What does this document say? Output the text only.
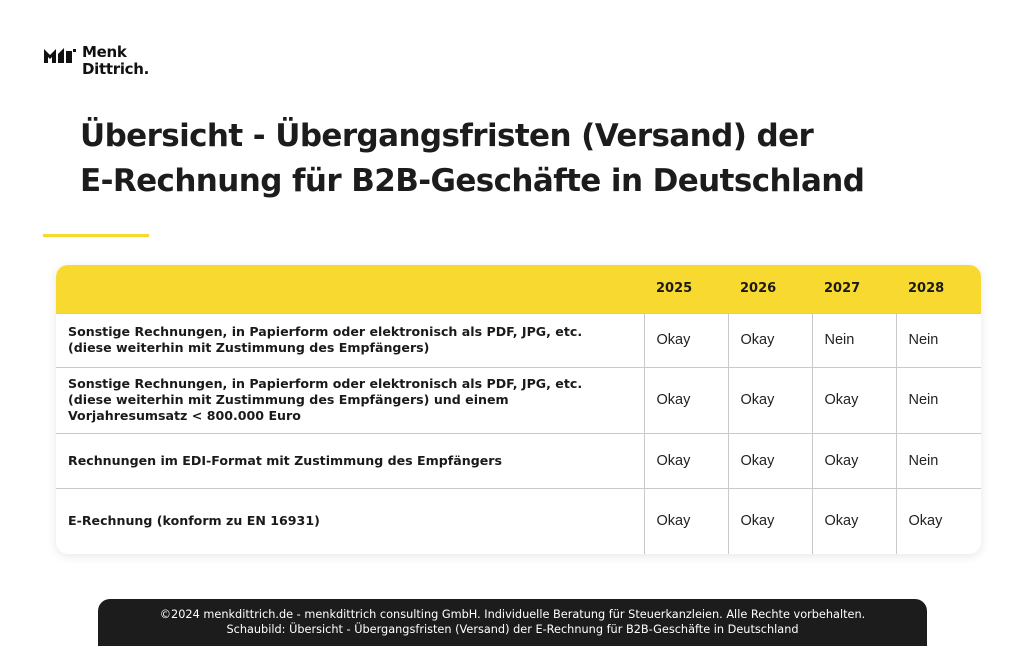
Menk
Dittrich.
Übersicht - Übergangsfristen (Versand) der
E-Rechnung für B2B-Geschäfte in Deutschland
	2025	2026	2027	2028
Sonstige Rechnungen, in Papierform oder elektronisch als PDF, JPG, etc. (diese weiterhin mit Zustimmung des Empfängers)	Okay	Okay	Nein	Nein
Sonstige Rechnungen, in Papierform oder elektronisch als PDF, JPG, etc. (diese weiterhin mit Zustimmung des Empfängers) und einem Vorjahresumsatz < 800.000 Euro	Okay	Okay	Okay	Nein
Rechnungen im EDI-Format mit Zustimmung des Empfängers	Okay	Okay	Okay	Nein
E-Rechnung (konform zu EN 16931)	Okay	Okay	Okay	Okay
©2024 menkdittrich.de - menkdittrich consulting GmbH. Individuelle Beratung für Steuerkanzleien. Alle Rechte vorbehalten.
Schaubild: Übersicht - Übergangsfristen (Versand) der E-Rechnung für B2B-Geschäfte in Deutschland
